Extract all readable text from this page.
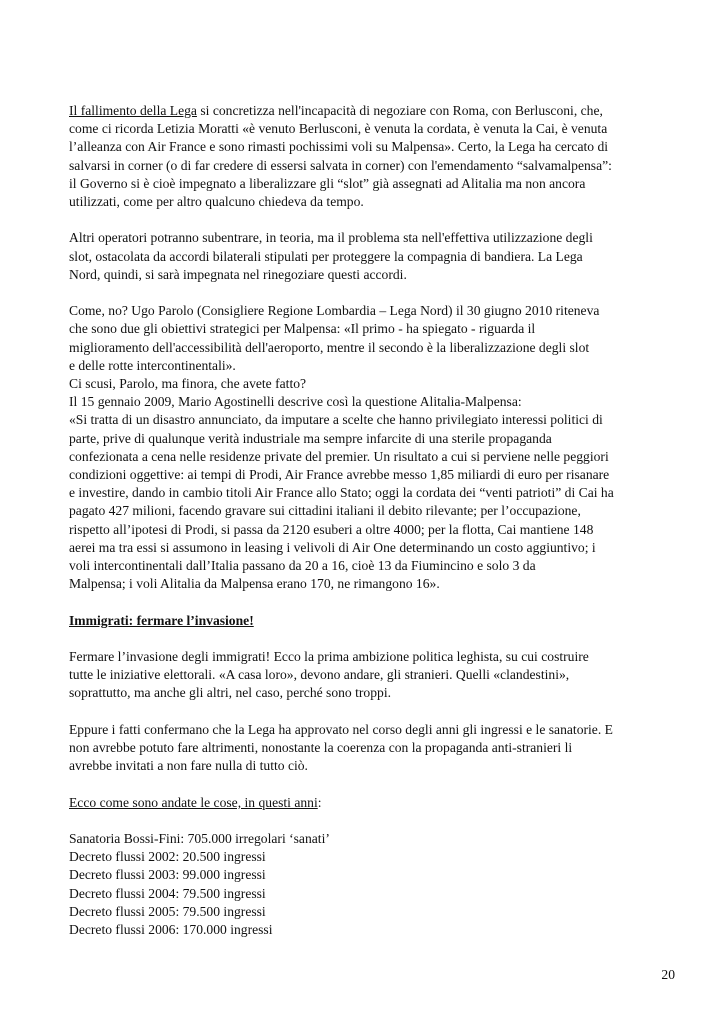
Il fallimento della Lega si concretizza nell'incapacità di negoziare con Roma, con Berlusconi, che,
come ci ricorda Letizia Moratti «è venuto Berlusconi, è venuta la cordata, è venuta la Cai, è venuta
l’alleanza con Air France e sono rimasti pochissimi voli su Malpensa». Certo, la Lega ha cercato di
salvarsi in corner (o di far credere di essersi salvata in corner) con l'emendamento “salvamalpensa”:
il Governo si è cioè impegnato a liberalizzare gli “slot” già assegnati ad Alitalia ma non ancora
utilizzati, come per altro qualcuno chiedeva da tempo.
Altri operatori potranno subentrare, in teoria, ma il problema sta nell'effettiva utilizzazione degli
slot, ostacolata da accordi bilaterali stipulati per proteggere la compagnia di bandiera. La Lega
Nord, quindi, si sarà impegnata nel rinegoziare questi accordi.
Come, no? Ugo Parolo (Consigliere Regione Lombardia – Lega Nord) il 30 giugno 2010 riteneva
che sono due gli obiettivi strategici per Malpensa: «Il primo - ha spiegato - riguarda il
miglioramento dell'accessibilità dell'aeroporto, mentre il secondo è la liberalizzazione degli slot
e delle rotte intercontinentali».
Ci scusi, Parolo, ma finora, che avete fatto?
Il 15 gennaio 2009, Mario Agostinelli descrive così la questione Alitalia-Malpensa:
«Si tratta di un disastro annunciato, da imputare a scelte che hanno privilegiato interessi politici di
parte, prive di qualunque verità industriale ma sempre infarcite di una sterile propaganda
confezionata a cena nelle residenze private del premier. Un risultato a cui si perviene nelle peggiori
condizioni oggettive: ai tempi di Prodi, Air France avrebbe messo 1,85 miliardi di euro per risanare
e investire, dando in cambio titoli Air France allo Stato; oggi la cordata dei “venti patrioti” di Cai ha
pagato 427 milioni, facendo gravare sui cittadini italiani il debito rilevante; per l’occupazione,
rispetto all’ipotesi di Prodi, si passa da 2120 esuberi a oltre 4000; per la flotta, Cai mantiene 148
aerei ma tra essi si assumono in leasing i velivoli di Air One determinando un costo aggiuntivo; i
voli intercontinentali dall’Italia passano da 20 a 16, cioè 13 da Fiumincino e solo 3 da
Malpensa; i voli Alitalia da Malpensa erano 170, ne rimangono 16».
Immigrati: fermare l’invasione!
Fermare l’invasione degli immigrati! Ecco la prima ambizione politica leghista, su cui costruire
tutte le iniziative elettorali. «A casa loro», devono andare, gli stranieri. Quelli «clandestini»,
soprattutto, ma anche gli altri, nel caso, perché sono troppi.
Eppure i fatti confermano che la Lega ha approvato nel corso degli anni gli ingressi e le sanatorie. E
non avrebbe potuto fare altrimenti, nonostante la coerenza con la propaganda anti-stranieri li
avrebbe invitati a non fare nulla di tutto ciò.
Ecco come sono andate le cose, in questi anni:
Sanatoria Bossi-Fini: 705.000 irregolari ‘sanati’
Decreto flussi 2002: 20.500 ingressi
Decreto flussi 2003: 99.000 ingressi
Decreto flussi 2004: 79.500 ingressi
Decreto flussi 2005: 79.500 ingressi
Decreto flussi 2006: 170.000 ingressi
20
